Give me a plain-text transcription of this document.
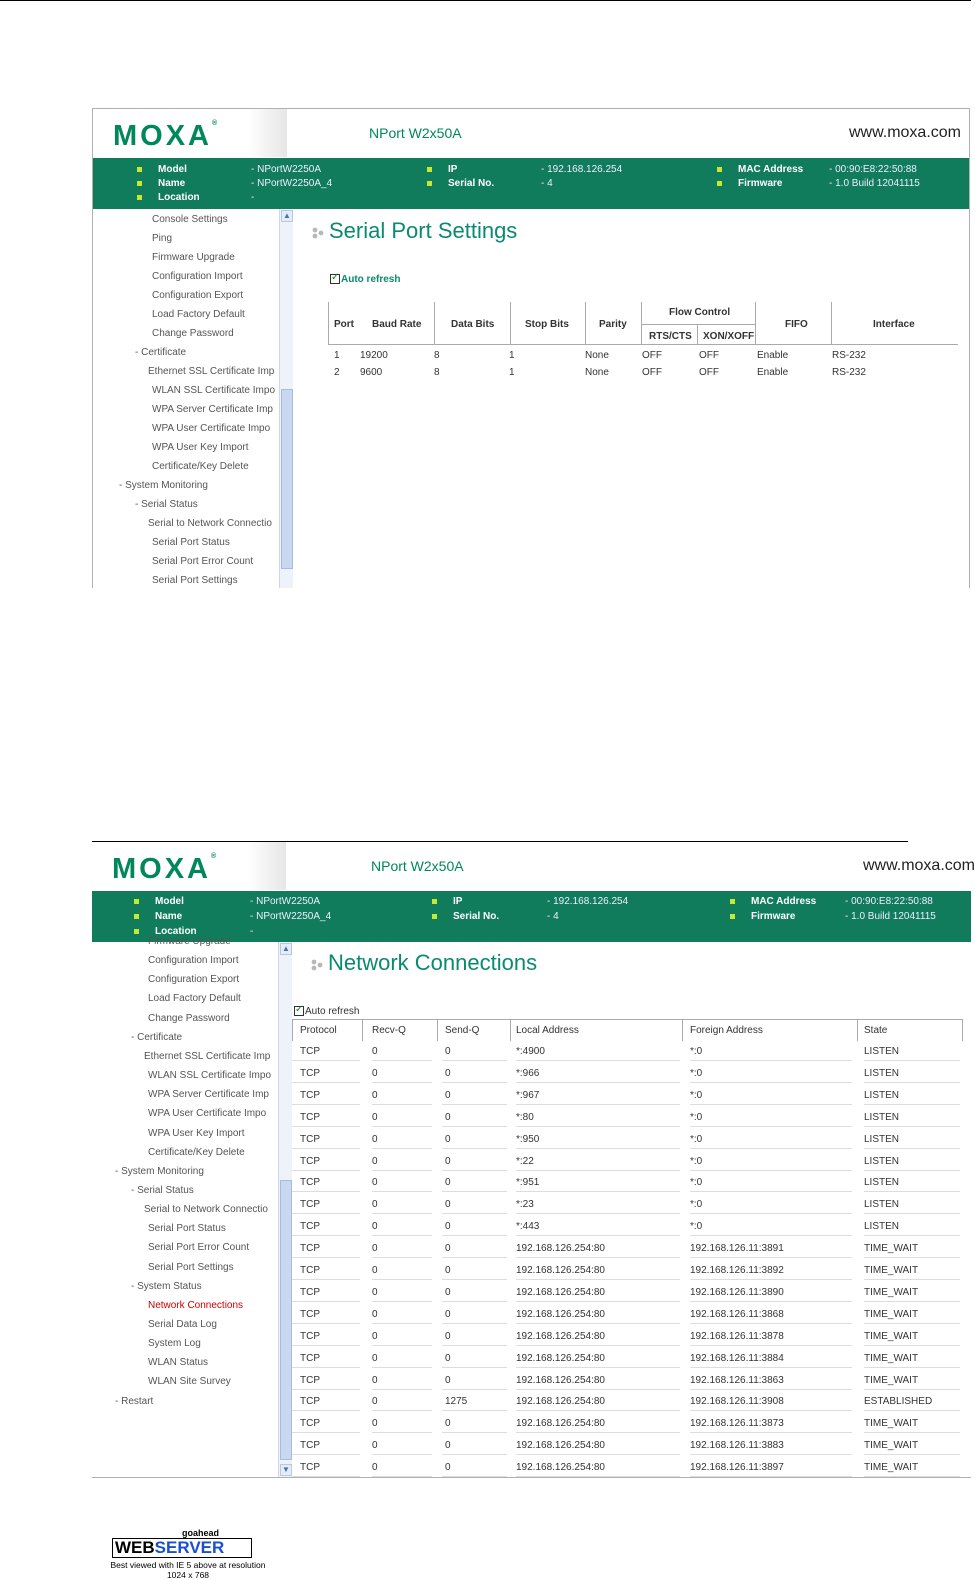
MOXA®
NPort W2x50A	www.moxa.com
Model	- NPortW2250A
Name	- NPortW2250A_4
Location	-
IP	- 192.168.126.254
Serial No.	- 4
MAC Address	- 00:90:E8:22:50:88
Firmware	- 1.0 Build 12041115
Console Settings
Ping
Firmware Upgrade
Configuration Import
Configuration Export
Load Factory Default
Change Password
- Certificate
Ethernet SSL Certificate Imp
WLAN SSL Certificate Impo
WPA Server Certificate Imp
WPA User Certificate Impo
WPA User Key Import
Certificate/Key Delete
- System Monitoring
- Serial Status
Serial to Network Connectio
Serial Port Status
Serial Port Error Count
Serial Port Settings
▲
Serial Port Settings
✓Auto refresh
Port Baud Rate	Data Bits	Stop Bits	Parity	FIFO	Interface
Flow Control
RTS/CTS XON/XOFF
1 19200	8	1	None	OFF	OFF	Enable	RS-232
2 9600	8	1	None	OFF	OFF	Enable	RS-232
MOXA®
NPort W2x50A	www.moxa.com
Model	- NPortW2250A
Name	- NPortW2250A_4
Location	-
IP	- 192.168.126.254
Serial No.	- 4
MAC Address	- 00:90:E8:22:50:88
Firmware	- 1.0 Build 12041115
goahead
WEBSERVER
Best viewed with IE 5 above at resolution 1024 x 768
Firmware Upgrade
Configuration Import
Configuration Export
Load Factory Default
Change Password
- Certificate
Ethernet SSL Certificate Imp
WLAN SSL Certificate Impo
WPA Server Certificate Imp
WPA User Certificate Impo
WPA User Key Import
Certificate/Key Delete
- System Monitoring
- Serial Status
Serial to Network Connectio
Serial Port Status
Serial Port Error Count
Serial Port Settings
- System Status
Network Connections
Serial Data Log
System Log
WLAN Status
WLAN Site Survey
- Restart
▲
▼
Network Connections
✓Auto refresh
Protocol	Recv-Q	Send-Q	Local Address	Foreign Address	State
TCP	0	0	*:4900	*:0	LISTEN
TCP	0	0	*:966	*:0	LISTEN
TCP	0	0	*:967	*:0	LISTEN
TCP	0	0	*:80	*:0	LISTEN
TCP	0	0	*:950	*:0	LISTEN
TCP	0	0	*:22	*:0	LISTEN
TCP	0	0	*:951	*:0	LISTEN
TCP	0	0	*:23	*:0	LISTEN
TCP	0	0	*:443	*:0	LISTEN
TCP	0	0	192.168.126.254:80	192.168.126.11:3891	TIME_WAIT
TCP	0	0	192.168.126.254:80	192.168.126.11:3892	TIME_WAIT
TCP	0	0	192.168.126.254:80	192.168.126.11:3890	TIME_WAIT
TCP	0	0	192.168.126.254:80	192.168.126.11:3868	TIME_WAIT
TCP	0	0	192.168.126.254:80	192.168.126.11:3878	TIME_WAIT
TCP	0	0	192.168.126.254:80	192.168.126.11:3884	TIME_WAIT
TCP	0	0	192.168.126.254:80	192.168.126.11:3863	TIME_WAIT
TCP	0	1275	192.168.126.254:80	192.168.126.11:3908	ESTABLISHED
TCP	0	0	192.168.126.254:80	192.168.126.11:3873	TIME_WAIT
TCP	0	0	192.168.126.254:80	192.168.126.11:3883	TIME_WAIT
TCP	0	0	192.168.126.254:80	192.168.126.11:3897	TIME_WAIT
